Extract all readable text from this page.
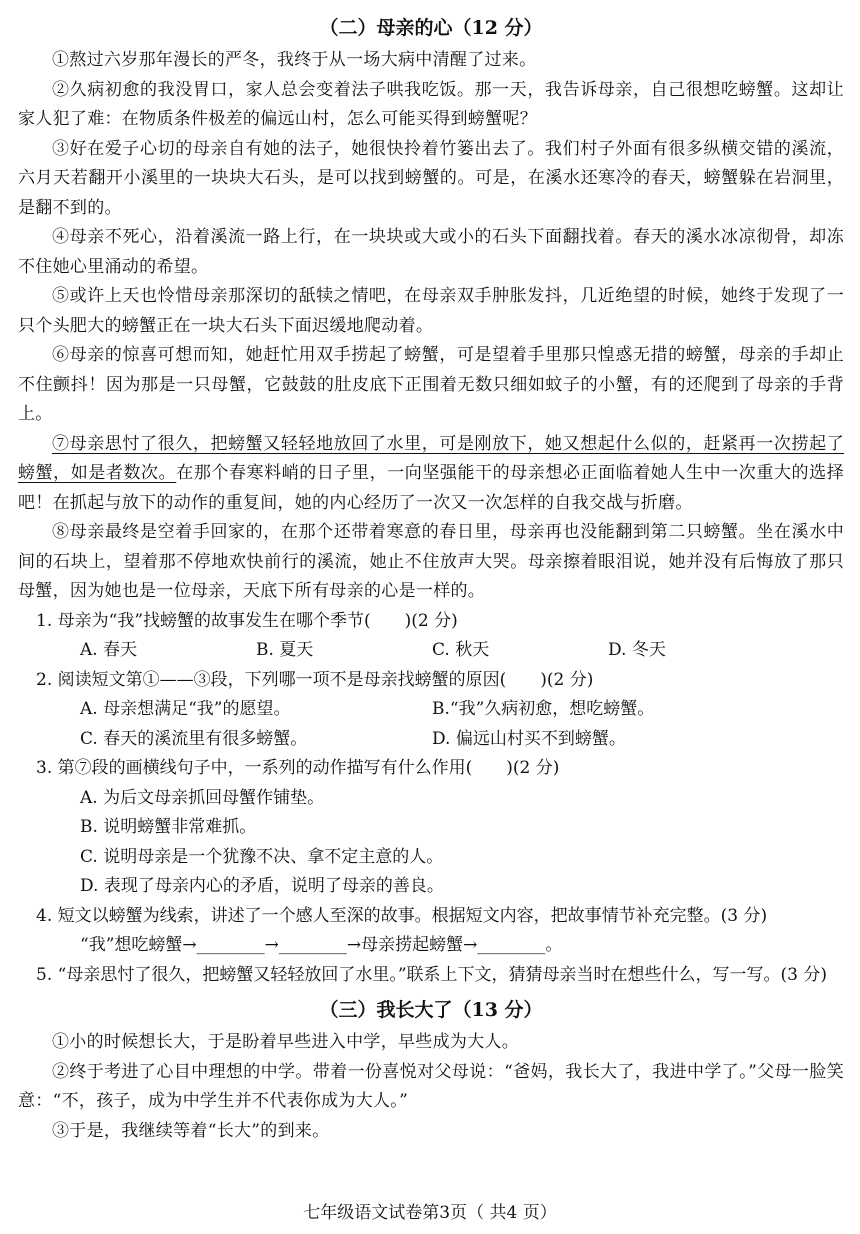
（二）母亲的心（12 分）

①熬过六岁那年漫长的严冬，我终于从一场大病中清醒了过来。

②久病初愈的我没胃口，家人总会变着法子哄我吃饭。那一天，我告诉母亲，自己很想吃螃蟹。这却让家人犯了难：在物质条件极差的偏远山村，怎么可能买得到螃蟹呢？

③好在爱子心切的母亲自有她的法子，她很快拎着竹篓出去了。我们村子外面有很多纵横交错的溪流，六月天若翻开小溪里的一块块大石头，是可以找到螃蟹的。可是，在溪水还寒冷的春天，螃蟹躲在岩洞里，是翻不到的。

④母亲不死心，沿着溪流一路上行，在一块块或大或小的石头下面翻找着。春天的溪水冰凉彻骨，却冻不住她心里涌动的希望。

⑤或许上天也怜惜母亲那深切的舐犊之情吧，在母亲双手肿胀发抖，几近绝望的时候，她终于发现了一只个头肥大的螃蟹正在一块大石头下面迟缓地爬动着。

⑥母亲的惊喜可想而知，她赶忙用双手捞起了螃蟹，可是望着手里那只惶惑无措的螃蟹，母亲的手却止不住颤抖！因为那是一只母蟹，它鼓鼓的肚皮底下正围着无数只细如蚊子的小蟹，有的还爬到了母亲的手背上。

⑦母亲思忖了很久，把螃蟹又轻轻地放回了水里，可是刚放下，她又想起什么似的，赶紧再一次捞起了螃蟹，如是者数次。在那个春寒料峭的日子里，一向坚强能干的母亲想必正面临着她人生中一次重大的选择吧！在抓起与放下的动作的重复间，她的内心经历了一次又一次怎样的自我交战与折磨。

⑧母亲最终是空着手回家的，在那个还带着寒意的春日里，母亲再也没能翻到第二只螃蟹。坐在溪水中间的石块上，望着那不停地欢快前行的溪流，她止不住放声大哭。母亲擦着眼泪说，她并没有后悔放了那只母蟹，因为她也是一位母亲，天底下所有母亲的心是一样的。

1. 母亲为“我”找螃蟹的故事发生在哪个季节(　　)(2 分)

A. 春天	B. 夏天	C. 秋天	D. 冬天

2. 阅读短文第①——③段，下列哪一项不是母亲找螃蟹的原因(　　)(2 分)

A. 母亲想满足“我”的愿望。	B.“我”久病初愈，想吃螃蟹。
C. 春天的溪流里有很多螃蟹。	D. 偏远山村买不到螃蟹。

3. 第⑦段的画横线句子中，一系列的动作描写有什么作用(　　)(2 分)

A. 为后文母亲抓回母蟹作铺垫。
B. 说明螃蟹非常难抓。
C. 说明母亲是一个犹豫不决、拿不定主意的人。
D. 表现了母亲内心的矛盾，说明了母亲的善良。

4. 短文以螃蟹为线索，讲述了一个感人至深的故事。根据短文内容，把故事情节补充完整。(3 分)

“我”想吃螃蟹→________→________→母亲捞起螃蟹→________。

5. “母亲思忖了很久，把螃蟹又轻轻放回了水里。”联系上下文，猜猜母亲当时在想些什么，写一写。(3 分)

（三）我长大了（13 分）

①小的时候想长大，于是盼着早些进入中学，早些成为大人。

②终于考进了心目中理想的中学。带着一份喜悦对父母说：“爸妈，我长大了，我进中学了。”父母一脸笑意：“不，孩子，成为中学生并不代表你成为大人。”

③于是，我继续等着“长大”的到来。

七年级语文试卷第3页（ 共4 页）
